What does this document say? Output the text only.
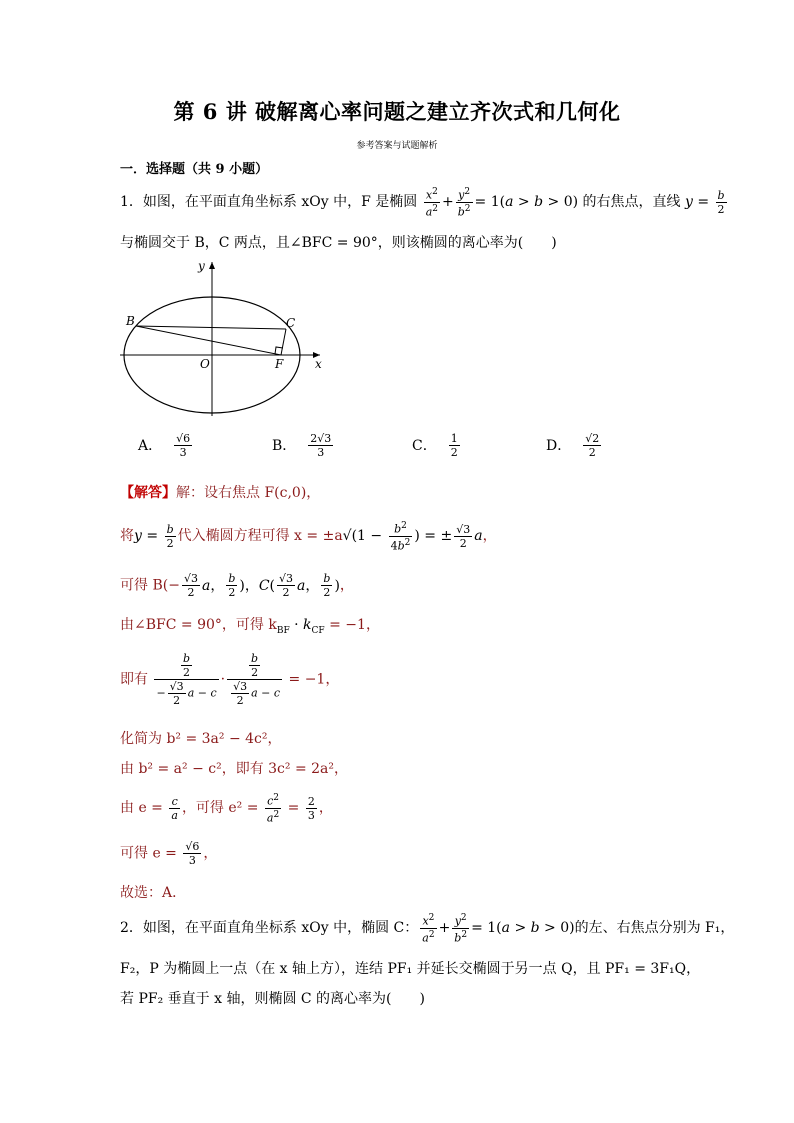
第 6 讲 破解离心率问题之建立齐次式和几何化
参考答案与试题解析
一．选择题（共 9 小题）
1．如图，在平面直角坐标系 xOy 中，F 是椭圆 $\frac{x^2}{a^2} + \frac{y^2}{b^2} = 1(a > b > 0)$ 的右焦点，直线 $y = \frac{b}{2}$
与椭圆交于 B，C 两点，且∠BFC = 90°，则该椭圆的离心率为(　　)
y
x
O
B	C
F
A． $\frac{√6}{3}$	B． $\frac{2√3}{3}$	C． $\frac{1}{2}$	D． $\frac{√2}{2}$
【解答】解：设右焦点 F(c,0)，
将$y = \frac{b}{2}$ 代入椭圆方程可得 $x = \pm a√(1 - \frac{b^2}{4b^2}$ ) = ± $\frac{√3}{2}$ a，
可得 $B(- \frac{√3}{2}$ a， $\frac{b}{2}$ )，$C( \frac{√3}{2}$ a， $\frac{b}{2}$ )，
由∠BFC = 90°，可得 $k_{BF} \cdot k_{CF} = -1$，
即有 $\frac{\frac{b}{2}}{- \frac{√3}{2} a - c} \cdot \frac{\frac{b}{2}}{\frac{√3}{2} a - c} = -1$，
化简为 b² = 3a² − 4c²，
由 b² = a² − c²，即有 3c² = 2a²，
由 $e = \frac{c}{a}$ ，可得 $e^2 = \frac{c^2}{a^2} = \frac{2}{3}$ ，
可得 $e = \frac{√6}{3}$ ，
故选：A．
2．如图，在平面直角坐标系 xOy 中，椭圆 C： $\frac{x^2}{a^2} + \frac{y^2}{b^2} = 1(a > b > 0)$的左、右焦点分别为 F₁，
F₂，P 为椭圆上一点（在 x 轴上方），连结 PF₁ 并延长交椭圆于另一点 Q，且 PF₁ = 3F₁Q，
若 PF₂ 垂直于 x 轴，则椭圆 C 的离心率为(　　)
